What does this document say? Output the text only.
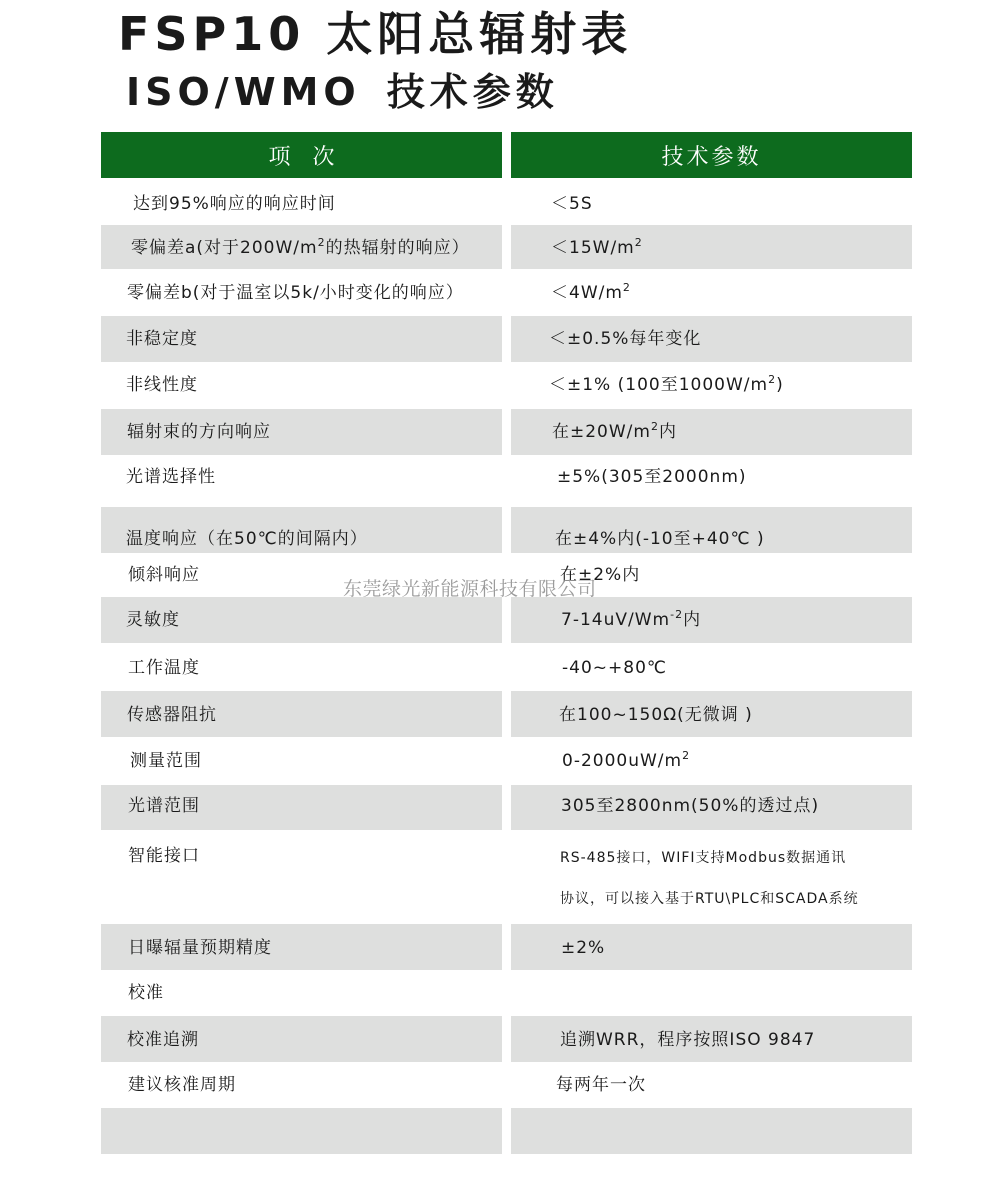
FSP10 太阳总辐射表
ISO/WMO 技术参数
项次	技术参数
达到95%响应的响应时间	＜5S
零偏差a(对于$200W/m^2$的热辐射的响应）	$<15W/m^2$
零偏差b(对于温室以5k/小时变化的响应）	$<4W/m^2$
非稳定度	＜±0.5%每年变化
非线性度	＜±1% (100至$1000W/m^2$)
辐射束的方向响应	在$\pm 20W/m^2$内
光谱选择性	±5%(305至2000nm)
温度响应（在50℃的间隔内）	在±4%内(-10至+40℃ )
倾斜响应	在±2%内
灵敏度	$7-14uV/Wm^{-2}$内
工作温度	-40~+80℃
传感器阻抗	在100~150Ω(无微调 )
测量范围	$0-2000uW/m^2$
光谱范围	305至2800nm(50%的透过点)
智能接口	RS-485接口，WIFI支持Modbus数据通讯
协议，可以接入基于RTU\PLC和SCADA系统
日曝辐量预期精度	±2%
校准
校准追溯	追溯WRR，程序按照ISO 9847
建议核准周期	每两年一次
东莞绿光新能源科技有限公司
